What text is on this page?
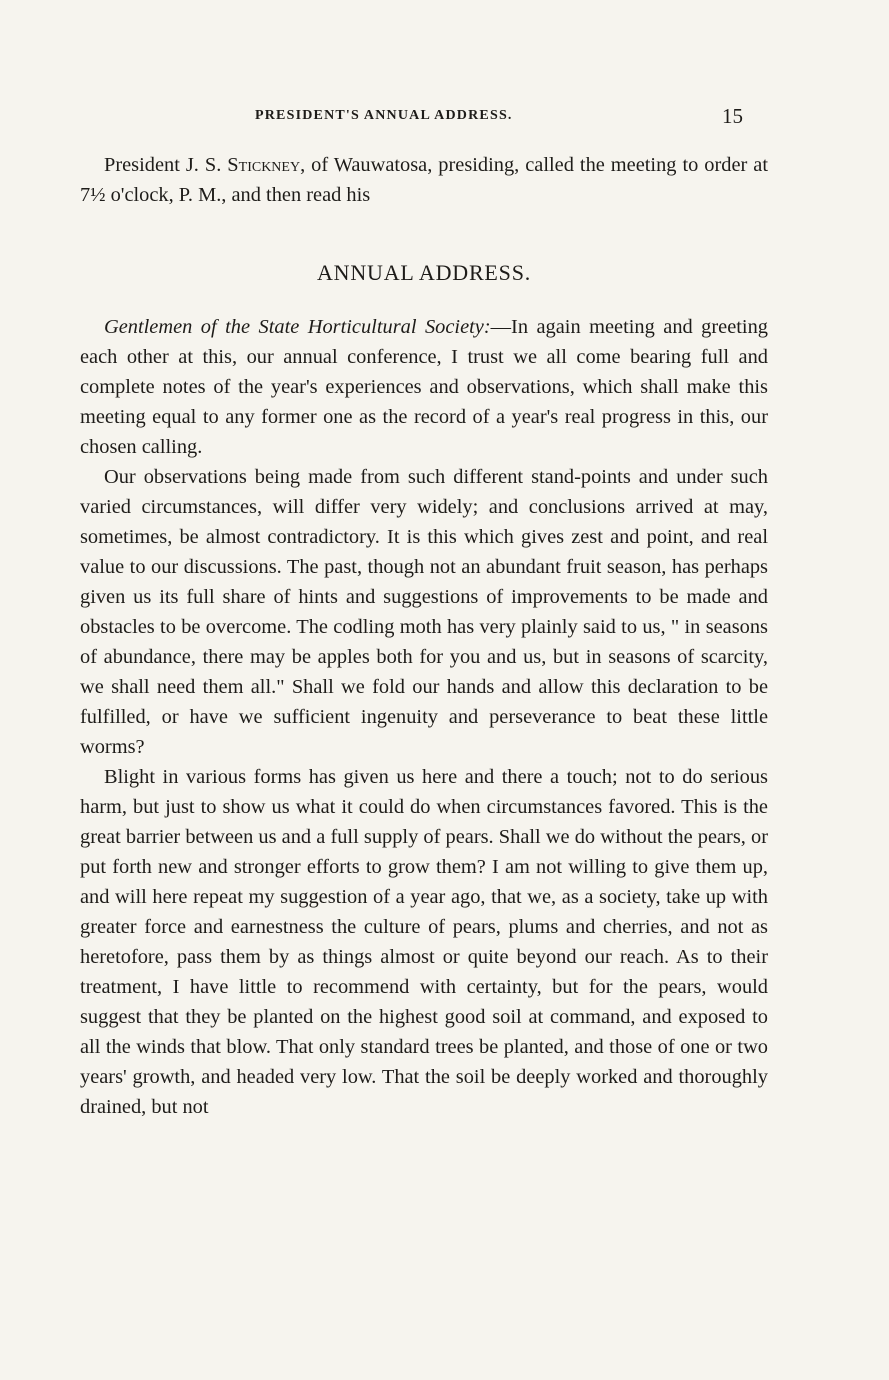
PRESIDENT'S ANNUAL ADDRESS.	15

President J. S. Stickney, of Wauwatosa, presiding, called the meeting to order at 7½ o'clock, P. M., and then read his

ANNUAL ADDRESS.

Gentlemen of the State Horticultural Society:—In again meeting and greeting each other at this, our annual conference, I trust we all come bearing full and complete notes of the year's experiences and observations, which shall make this meeting equal to any former one as the record of a year's real progress in this, our chosen calling.

Our observations being made from such different stand-points and under such varied circumstances, will differ very widely; and conclusions arrived at may, sometimes, be almost contradictory. It is this which gives zest and point, and real value to our discussions. The past, though not an abundant fruit season, has perhaps given us its full share of hints and suggestions of improvements to be made and obstacles to be overcome. The codling moth has very plainly said to us, " in seasons of abundance, there may be apples both for you and us, but in seasons of scarcity, we shall need them all." Shall we fold our hands and allow this declaration to be fulfilled, or have we sufficient ingenuity and perseverance to beat these little worms?

Blight in various forms has given us here and there a touch; not to do serious harm, but just to show us what it could do when circumstances favored. This is the great barrier between us and a full supply of pears. Shall we do without the pears, or put forth new and stronger efforts to grow them? I am not willing to give them up, and will here repeat my suggestion of a year ago, that we, as a society, take up with greater force and earnestness the culture of pears, plums and cherries, and not as heretofore, pass them by as things almost or quite beyond our reach. As to their treatment, I have little to recommend with certainty, but for the pears, would suggest that they be planted on the highest good soil at command, and exposed to all the winds that blow. That only standard trees be planted, and those of one or two years' growth, and headed very low. That the soil be deeply worked and thoroughly drained, but not
